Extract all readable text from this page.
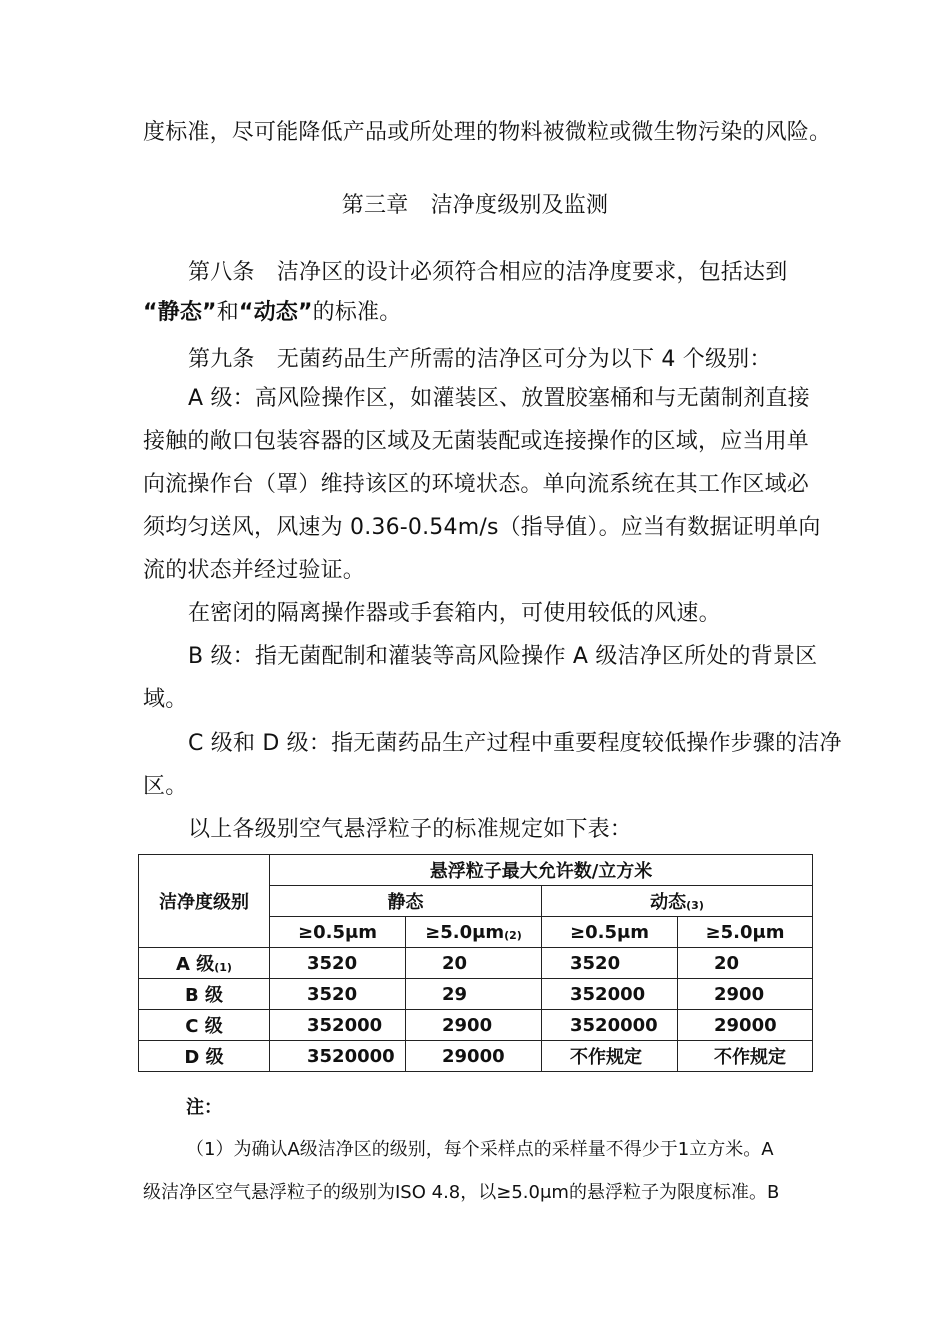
度标准，尽可能降低产品或所处理的物料被微粒或微生物污染的风险。
第三章　洁净度级别及监测
第八条　洁净区的设计必须符合相应的洁净度要求，包括达到
“静态”和“动态”的标准。
第九条　无菌药品生产所需的洁净区可分为以下 4 个级别：
A 级：高风险操作区，如灌装区、放置胶塞桶和与无菌制剂直接
接触的敞口包装容器的区域及无菌装配或连接操作的区域，应当用单
向流操作台（罩）维持该区的环境状态。单向流系统在其工作区域必
须均匀送风，风速为 0.36-0.54m/s（指导值）。应当有数据证明单向
流的状态并经过验证。
在密闭的隔离操作器或手套箱内，可使用较低的风速。
B 级：指无菌配制和灌装等高风险操作 A 级洁净区所处的背景区
域。
C 级和 D 级：指无菌药品生产过程中重要程度较低操作步骤的洁净
区。
以上各级别空气悬浮粒子的标准规定如下表：
洁净度级别	悬浮粒子最大允许数/立方米			
	静态		动态$_{(3)}$
	≥0.5μm	$\ge 5.0\mu m_{(2)}$	≥0.5μm	≥5.0μm
A 级$_{(1)}$	3520	20	3520	20
B 级	3520	29	352000	2900
C 级	352000	2900	3520000	29000
D 级	3520000	29000	不作规定	不作规定
注：
（1）为确认A级洁净区的级别，每个采样点的采样量不得少于1立方米。A
级洁净区空气悬浮粒子的级别为ISO 4.8，以≥5.0μm的悬浮粒子为限度标准。B
